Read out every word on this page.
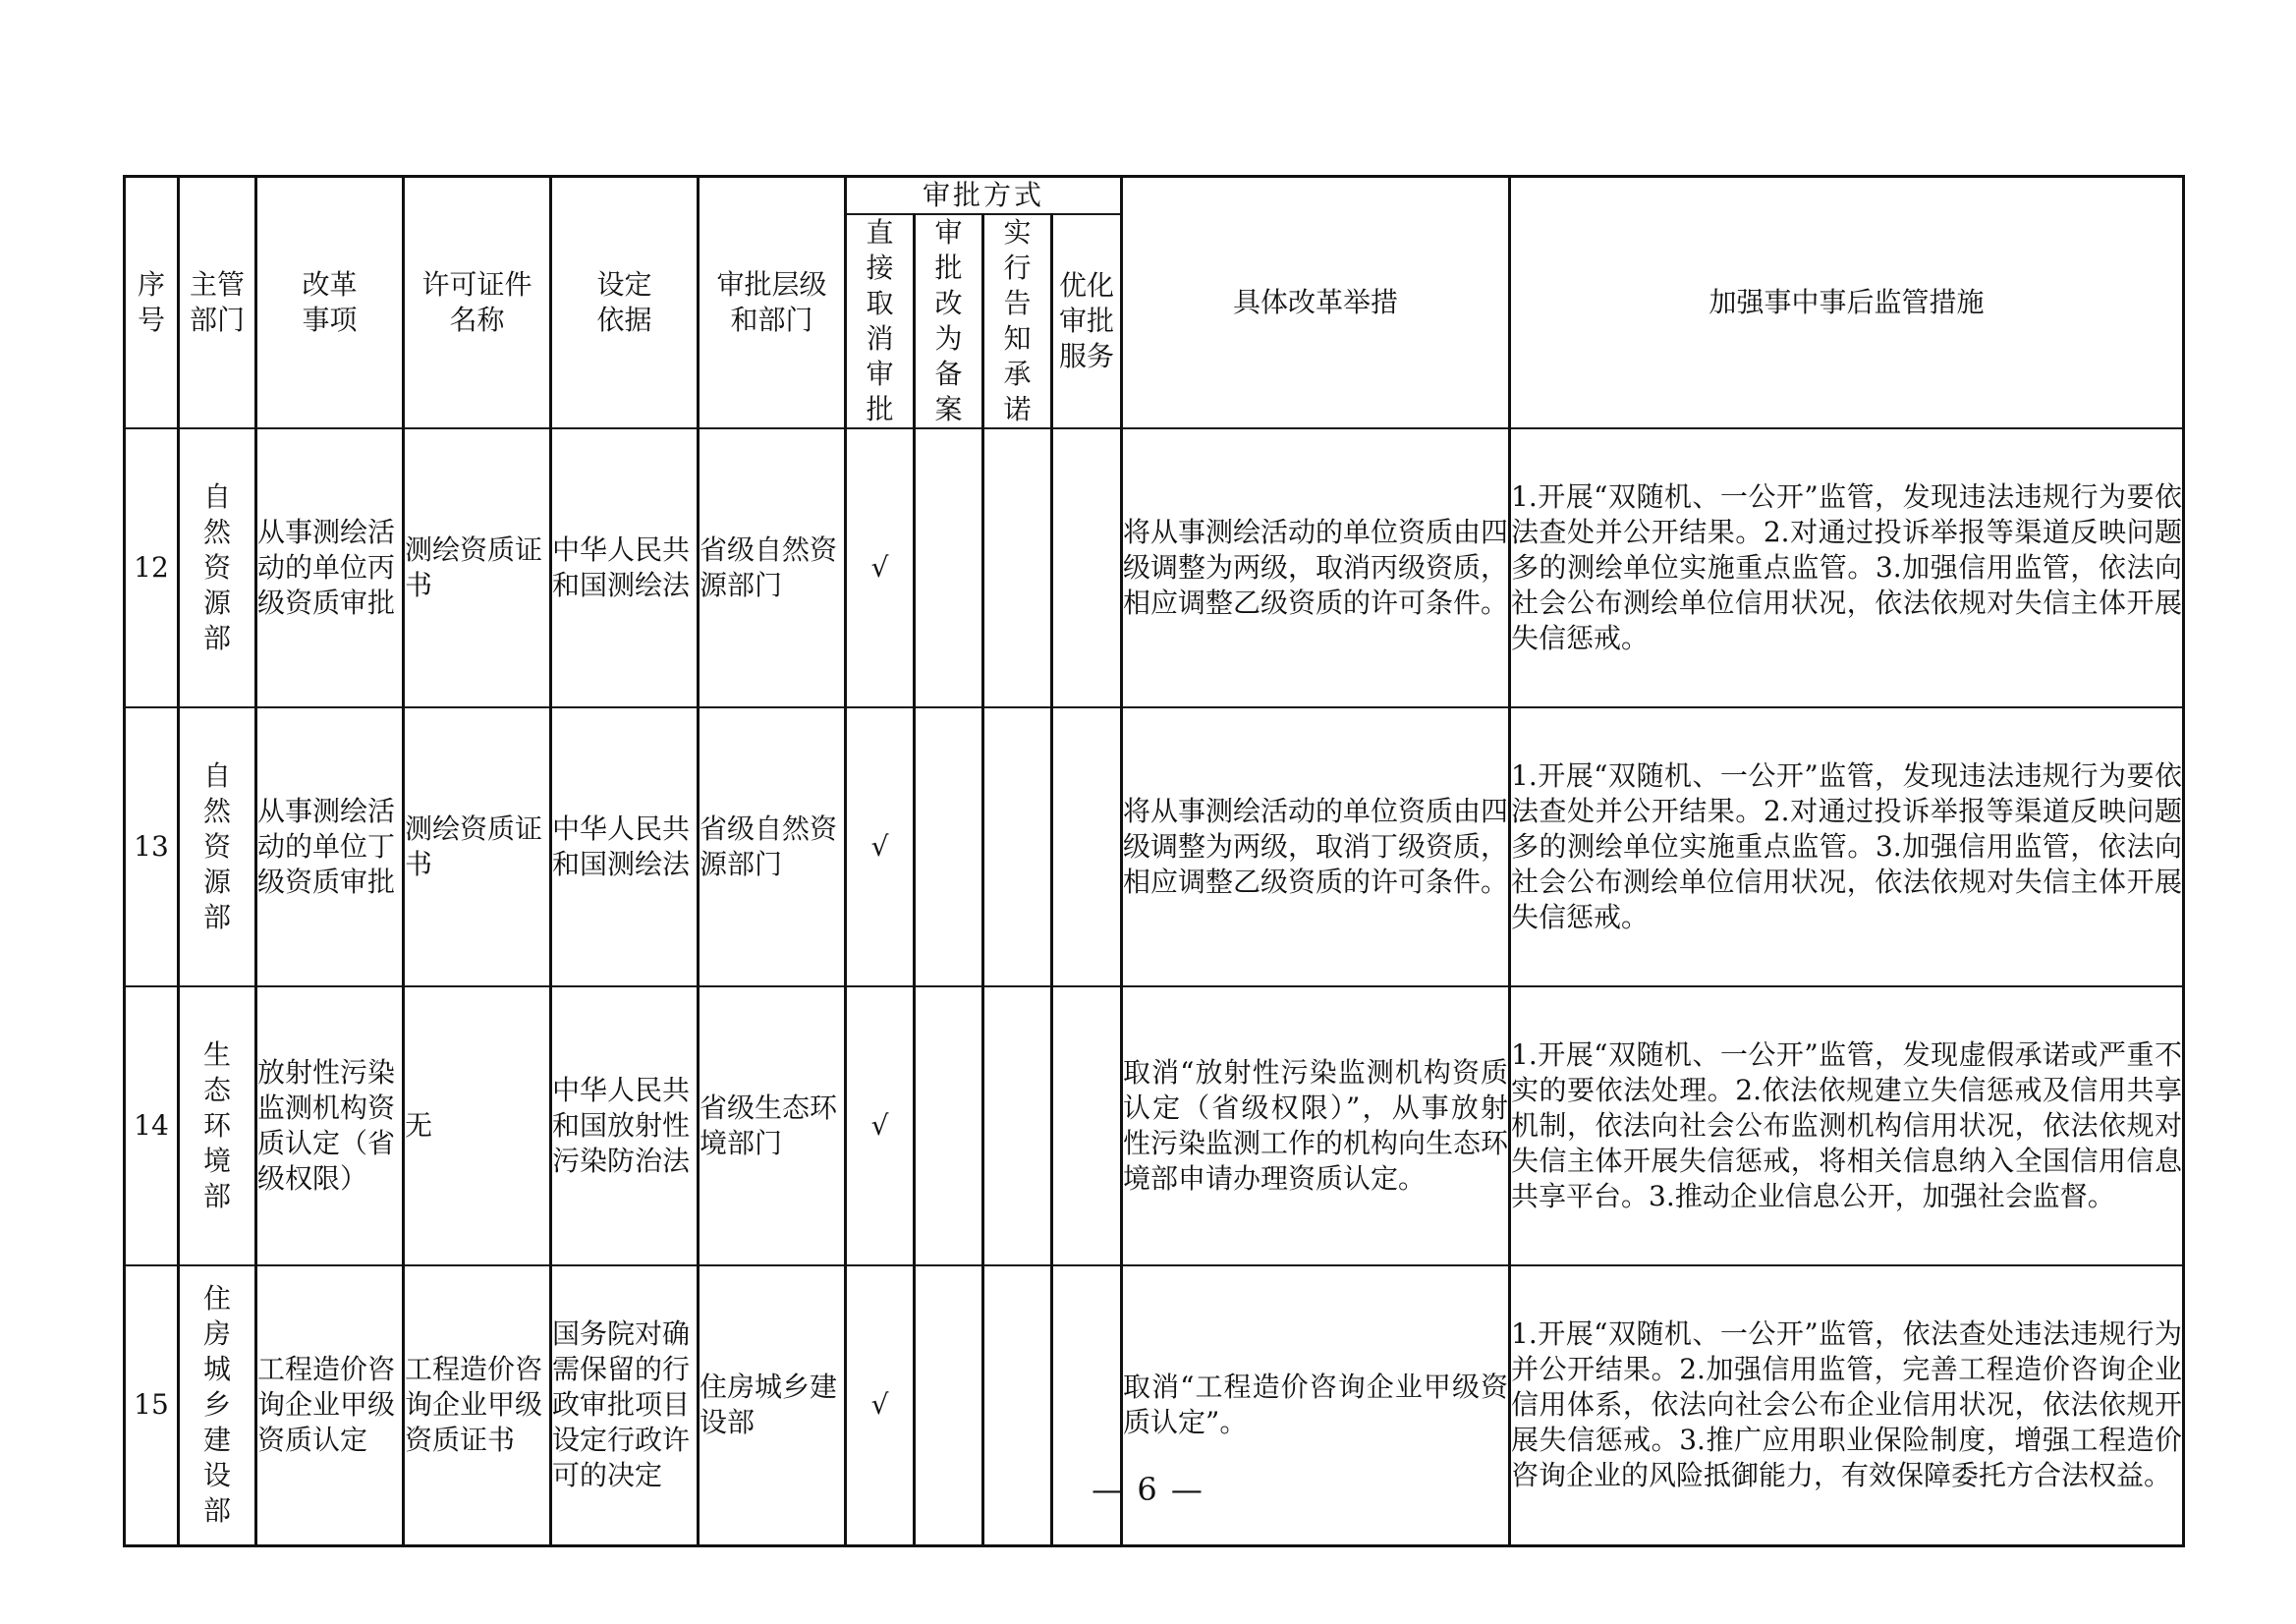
序号	主管部门	改革事项	许可证件名称	设定依据	审批层级和部门	审批方式				具体改革举措	加强事中事后监管措施
						直接取消审批	审批改为备案	实行告知承诺	优化审批服务		
12	自然资源部	从事测绘活动的单位丙级资质审批	测绘资质证书	中华人民共和国测绘法	省级自然资源部门	√				将从事测绘活动的单位资质由四级调整为两级，取消丙级资质，相应调整乙级资质的许可条件。	1.开展“双随机、一公开”监管，发现违法违规行为要依法查处并公开结果。2.对通过投诉举报等渠道反映问题多的测绘单位实施重点监管。3.加强信用监管，依法向社会公布测绘单位信用状况，依法依规对失信主体开展失信惩戒。
13	自然资源部	从事测绘活动的单位丁级资质审批	测绘资质证书	中华人民共和国测绘法	省级自然资源部门	√				将从事测绘活动的单位资质由四级调整为两级，取消丁级资质，相应调整乙级资质的许可条件。	1.开展“双随机、一公开”监管，发现违法违规行为要依法查处并公开结果。2.对通过投诉举报等渠道反映问题多的测绘单位实施重点监管。3.加强信用监管，依法向社会公布测绘单位信用状况，依法依规对失信主体开展失信惩戒。
14	生态环境部	放射性污染监测机构资质认定（省级权限）	无	中华人民共和国放射性污染防治法	省级生态环境部门	√				取消“放射性污染监测机构资质认定（省级权限）”，从事放射性污染监测工作的机构向生态环境部申请办理资质认定。	1.开展“双随机、一公开”监管，发现虚假承诺或严重不实的要依法处理。2.依法依规建立失信惩戒及信用共享机制，依法向社会公布监测机构信用状况，依法依规对失信主体开展失信惩戒，将相关信息纳入全国信用信息共享平台。3.推动企业信息公开，加强社会监督。
15	住房城乡建设部	工程造价咨询企业甲级资质认定	工程造价咨询企业甲级资质证书	国务院对确需保留的行政审批项目设定行政许可的决定	住房城乡建设部	√				取消“工程造价咨询企业甲级资质认定”。	1.开展“双随机、一公开”监管，依法查处违法违规行为并公开结果。2.加强信用监管，完善工程造价咨询企业信用体系，依法向社会公布企业信用状况，依法依规开展失信惩戒。3.推广应用职业保险制度，增强工程造价咨询企业的风险抵御能力，有效保障委托方合法权益。
— 6 —
